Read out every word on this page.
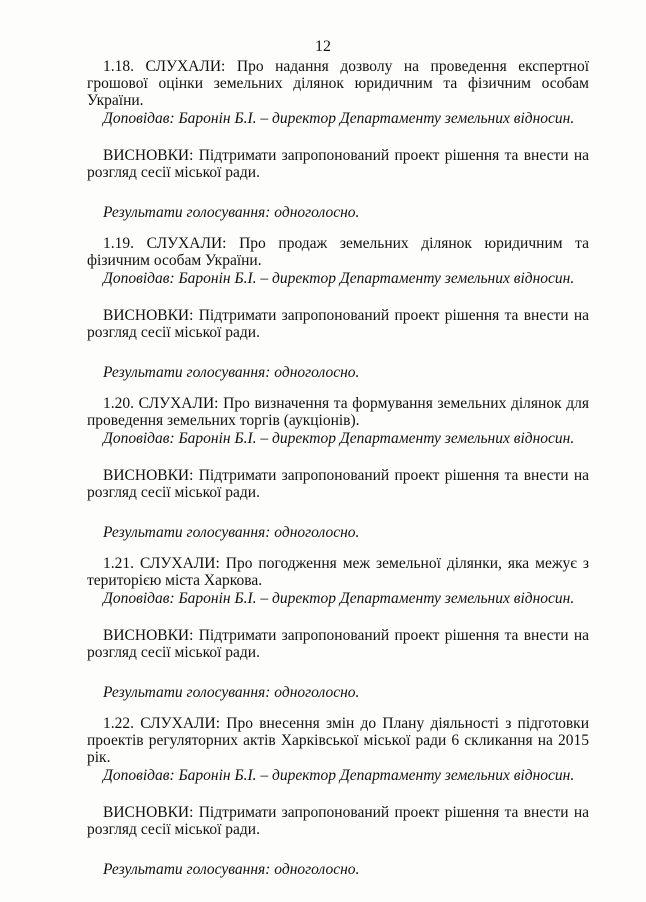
12

1.18. СЛУХАЛИ: Про надання дозволу на проведення експертної грошової оцінки земельних ділянок юридичним та фізичним особам України.

Доповідав: Баронін Б.І. – директор Департаменту земельних відносин.

ВИСНОВКИ: Підтримати запропонований проект рішення та внести на розгляд сесії міської ради.

Результати голосування: одноголосно.

1.19. СЛУХАЛИ: Про продаж земельних ділянок юридичним та фізичним особам України.

Доповідав: Баронін Б.І. – директор Департаменту земельних відносин.

ВИСНОВКИ: Підтримати запропонований проект рішення та внести на розгляд сесії міської ради.

Результати голосування: одноголосно.

1.20. СЛУХАЛИ: Про визначення та формування земельних ділянок для проведення земельних торгів (аукціонів).

Доповідав: Баронін Б.І. – директор Департаменту земельних відносин.

ВИСНОВКИ: Підтримати запропонований проект рішення та внести на розгляд сесії міської ради.

Результати голосування: одноголосно.

1.21. СЛУХАЛИ: Про погодження меж земельної ділянки, яка межує з територією міста Харкова.

Доповідав: Баронін Б.І. – директор Департаменту земельних відносин.

ВИСНОВКИ: Підтримати запропонований проект рішення та внести на розгляд сесії міської ради.

Результати голосування: одноголосно.

1.22. СЛУХАЛИ: Про внесення змін до Плану діяльності з підготовки проектів регуляторних актів Харківської міської ради 6 скликання на 2015 рік.

Доповідав: Баронін Б.І. – директор Департаменту земельних відносин.

ВИСНОВКИ: Підтримати запропонований проект рішення та внести на розгляд сесії міської ради.

Результати голосування: одноголосно.
